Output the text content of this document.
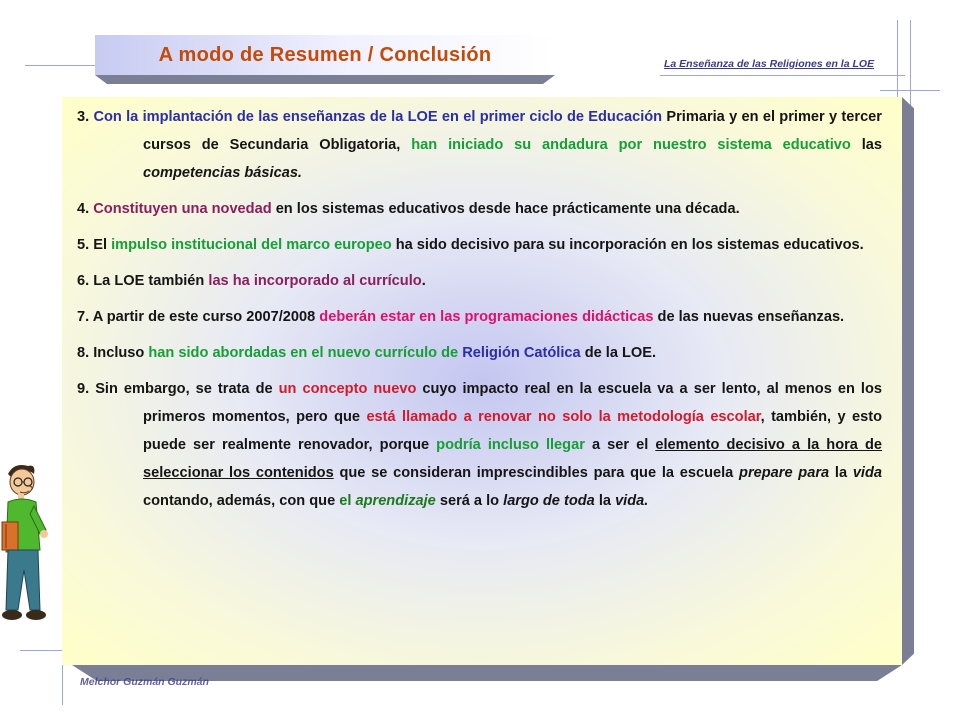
A modo de Resumen / Conclusión	La Enseñanza de las Religiones en la LOE
3. Con la implantación de las enseñanzas de la LOE en el primer ciclo de Educación Primaria y en el primer y tercer cursos de Secundaria Obligatoria, han iniciado su andadura por nuestro sistema educativo las competencias básicas.
4. Constituyen una novedad en los sistemas educativos desde hace prácticamente una década.
5. El impulso institucional del marco europeo ha sido decisivo para su incorporación en los sistemas educativos.
6. La LOE también las ha incorporado al currículo.
7. A partir de este curso 2007/2008 deberán estar en las programaciones didácticas de las nuevas enseñanzas.
8. Incluso han sido abordadas en el nuevo currículo de Religión Católica de la LOE.
9. Sin embargo, se trata de un concepto nuevo cuyo impacto real en la escuela va a ser lento, al menos en los primeros momentos, pero que está llamado a renovar no solo la metodología escolar, también, y esto puede ser realmente renovador, porque podría incluso llegar a ser el elemento decisivo a la hora de seleccionar los contenidos que se consideran imprescindibles para que la escuela prepare para la vida contando, además, con que el aprendizaje será a lo largo de toda la vida.
Melchor Guzmán Guzmán
